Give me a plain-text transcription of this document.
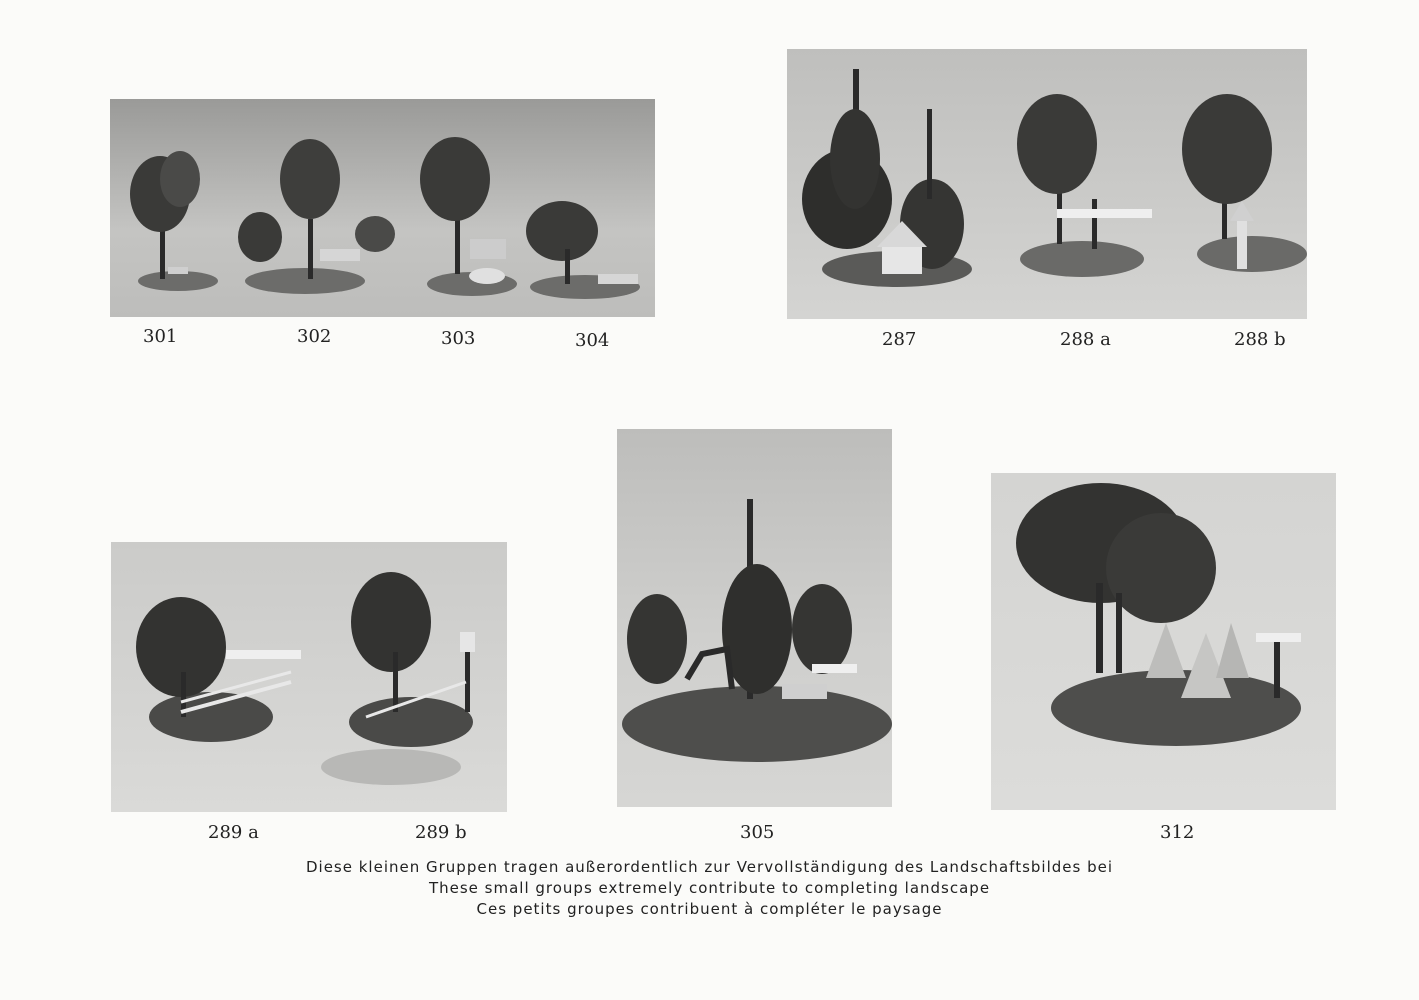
301	302	303	304	287	288 a	288 b
289 a	289 b	305	312
Diese kleinen Gruppen tragen außerordentlich zur Vervollständigung des Landschaftsbildes bei
These small groups extremely contribute to completing landscape
Ces petits groupes contribuent à compléter le paysage
